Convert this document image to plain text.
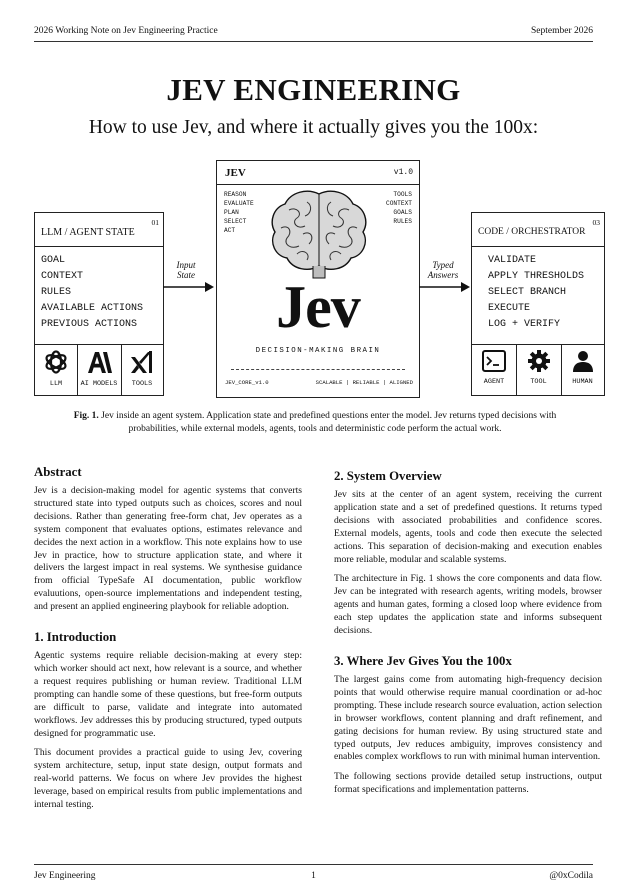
2026 Working Note on Jev Engineering Practice	September 2026
JEV ENGINEERING
How to use Jev, and where it actually gives you the 100x:
LLM / AGENT STATE
01
GOAL
CONTEXT
RULES
AVAILABLE ACTIONS
PREVIOUS ACTIONS
LLM	AI MODELS	TOOLS
Input
State
JEV	v1.0
REASON
EVALUATE
PLAN
SELECT
ACT
TOOLS
CONTEXT
GOALS
RULES
Jev
DECISION-MAKING BRAIN
JEV_CORE_v1.0	SCALABLE | RELIABLE | ALIGNED
Typed
Answers
CODE / ORCHESTRATOR
03
VALIDATE
APPLY THRESHOLDS
SELECT BRANCH
EXECUTE
LOG + VERIFY
AGENT	TOOL	HUMAN
Fig. 1. Jev inside an agent system. Application state and predefined questions enter the model. Jev returns typed decisions with probabilities, while external models, agents, tools and deterministic code perform the actual work.
Abstract
Jev is a decision-making model for agentic systems that converts structured state into typed outputs such as choices, scores and noul decisions. Rather than generating free-form chat, Jev operates as a system component that evaluates options, estimates relevance and decides the next action in a workflow. This note explains how to use Jev in practice, how to structure application state, and where it delivers the largest impact in real systems. We synthesise guidance from official TypeSafe AI documentation, public workflow evaluutions, open-source implementations and independent testing, and present an applied engineering playbook for reliable adoption.
1. Introduction
Agentic systems require reliable decision-making at every step: which worker should act next, how relevant is a source, and whether a request requires publishing or human review. Traditional LLM prompting can handle some of these questions, but free-form outputs are difficult to parse, validate and integrate into automated workflows. Jev addresses this by producing structured, typed outputs designed for programmatic use.
This document provides a practical guide to using Jev, covering system architecture, setup, input state design, output formats and real-world patterns. We focus on where Jev provides the highest leverage, based on empirical results from public implementations and internal testing.
2. System Overview
Jev sits at the center of an agent system, receiving the current application state and a set of predefined questions. It returns typed decisions with associated probabilities and confidence scores. External models, agents, tools and code then execute the selected actions. This separation of decision-making and execution enables more reliable, modular and scalable systems.
The architecture in Fig. 1 shows the core components and data flow. Jev can be integrated with research agents, writing models, browser agents and human gates, forming a closed loop where evidence from each step updates the application state and informs subsequent decisions.
3. Where Jev Gives You the 100x
The largest gains come from automating high-frequency decision points that would otherwise require manual coordination or ad-hoc prompting. These include research source evaluation, action selection in browser workflows, content planning and draft refinement, and gating decisions for human review. By using structured state and typed outputs, Jev reduces ambiguity, improves consistency and enables complex workflows to run with minimal human intervention.
The following sections provide detailed setup instructions, output format specifications and implementation patterns.
Jev Engineering	1	@0xCodila
